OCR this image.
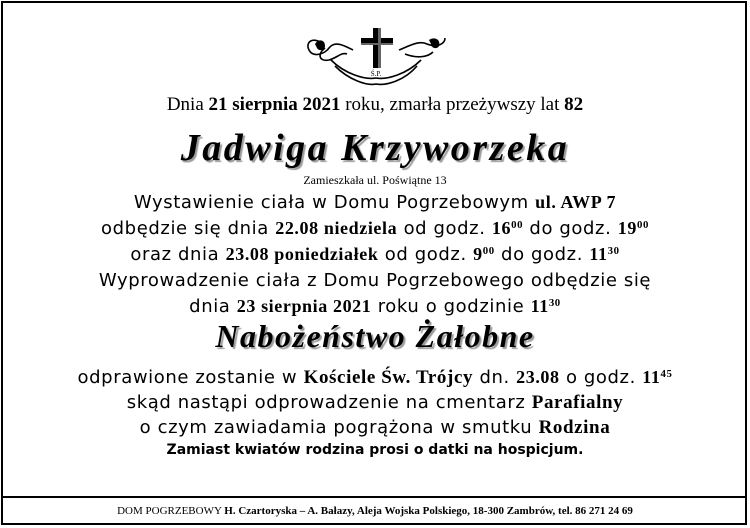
Ś.P.
Dnia 21 sierpnia 2021 roku, zmarła przeżywszy lat 82
Jadwiga Krzyworzeka
Zamieszkała ul. Poświątne 13
Wystawienie ciała w Domu Pogrzebowym ul. AWP 7
odbędzie się dnia 22.08 niedziela od godz. $16^{00}$ do godz. $19^{00}$
oraz dnia 23.08 poniedziałek od godz. $9^{00}$ do godz. $11^{30}$
Wyprowadzenie ciała z Domu Pogrzebowego odbędzie się
dnia 23 sierpnia 2021 roku o godzinie $11^{30}$
Nabożeństwo Żałobne
odprawione zostanie w Kościele Św. Trójcy dn. 23.08 o godz. $11^{45}$
skąd nastąpi odprowadzenie na cmentarz Parafialny
o czym zawiadamia pogrążona w smutku Rodzina
Zamiast kwiatów rodzina prosi o datki na hospicjum.
DOM POGRZEBOWY H. Czartoryska – A. Bałazy, Aleja Wojska Polskiego, 18-300 Zambrów, tel. 86 271 24 69
